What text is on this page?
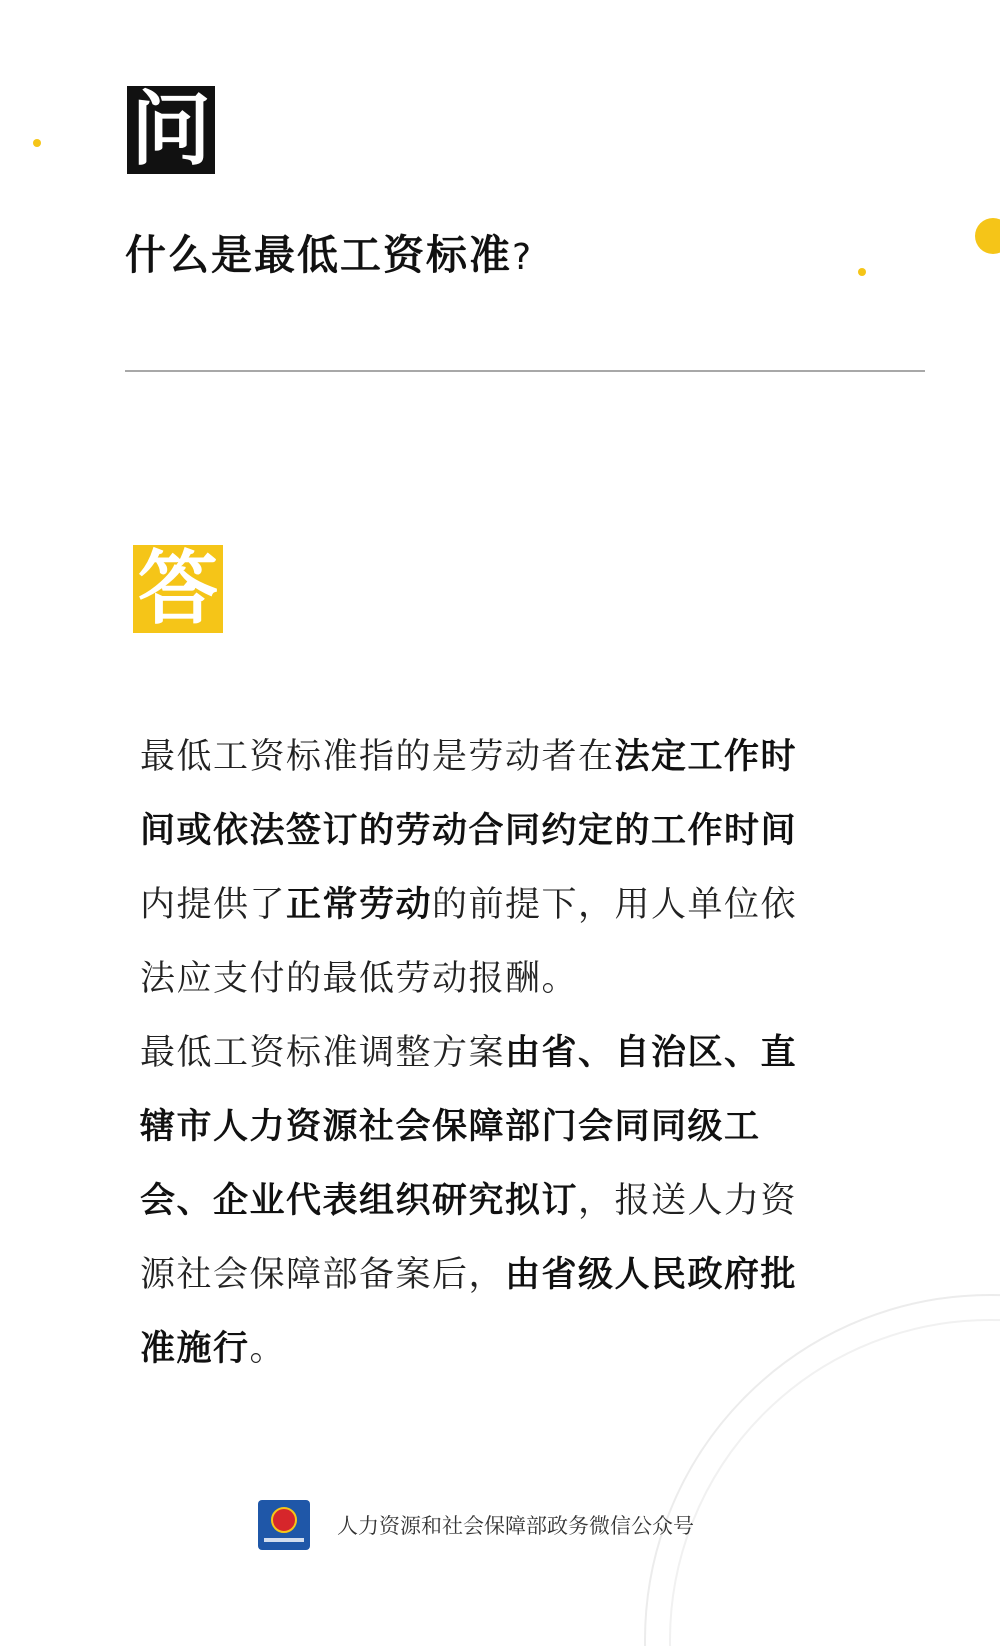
问
什么是最低工资标准?
答

最低工资标准指的是劳动者在法定工作时间或依法签订的劳动合同约定的工作时间内提供了正常劳动的前提下，用人单位依法应支付的最低劳动报酬。
最低工资标准调整方案由省、自治区、直辖市人力资源社会保障部门会同同级工会、企业代表组织研究拟订，报送人力资源社会保障部备案后，由省级人民政府批准施行。

人力资源和社会保障部政务微信公众号
